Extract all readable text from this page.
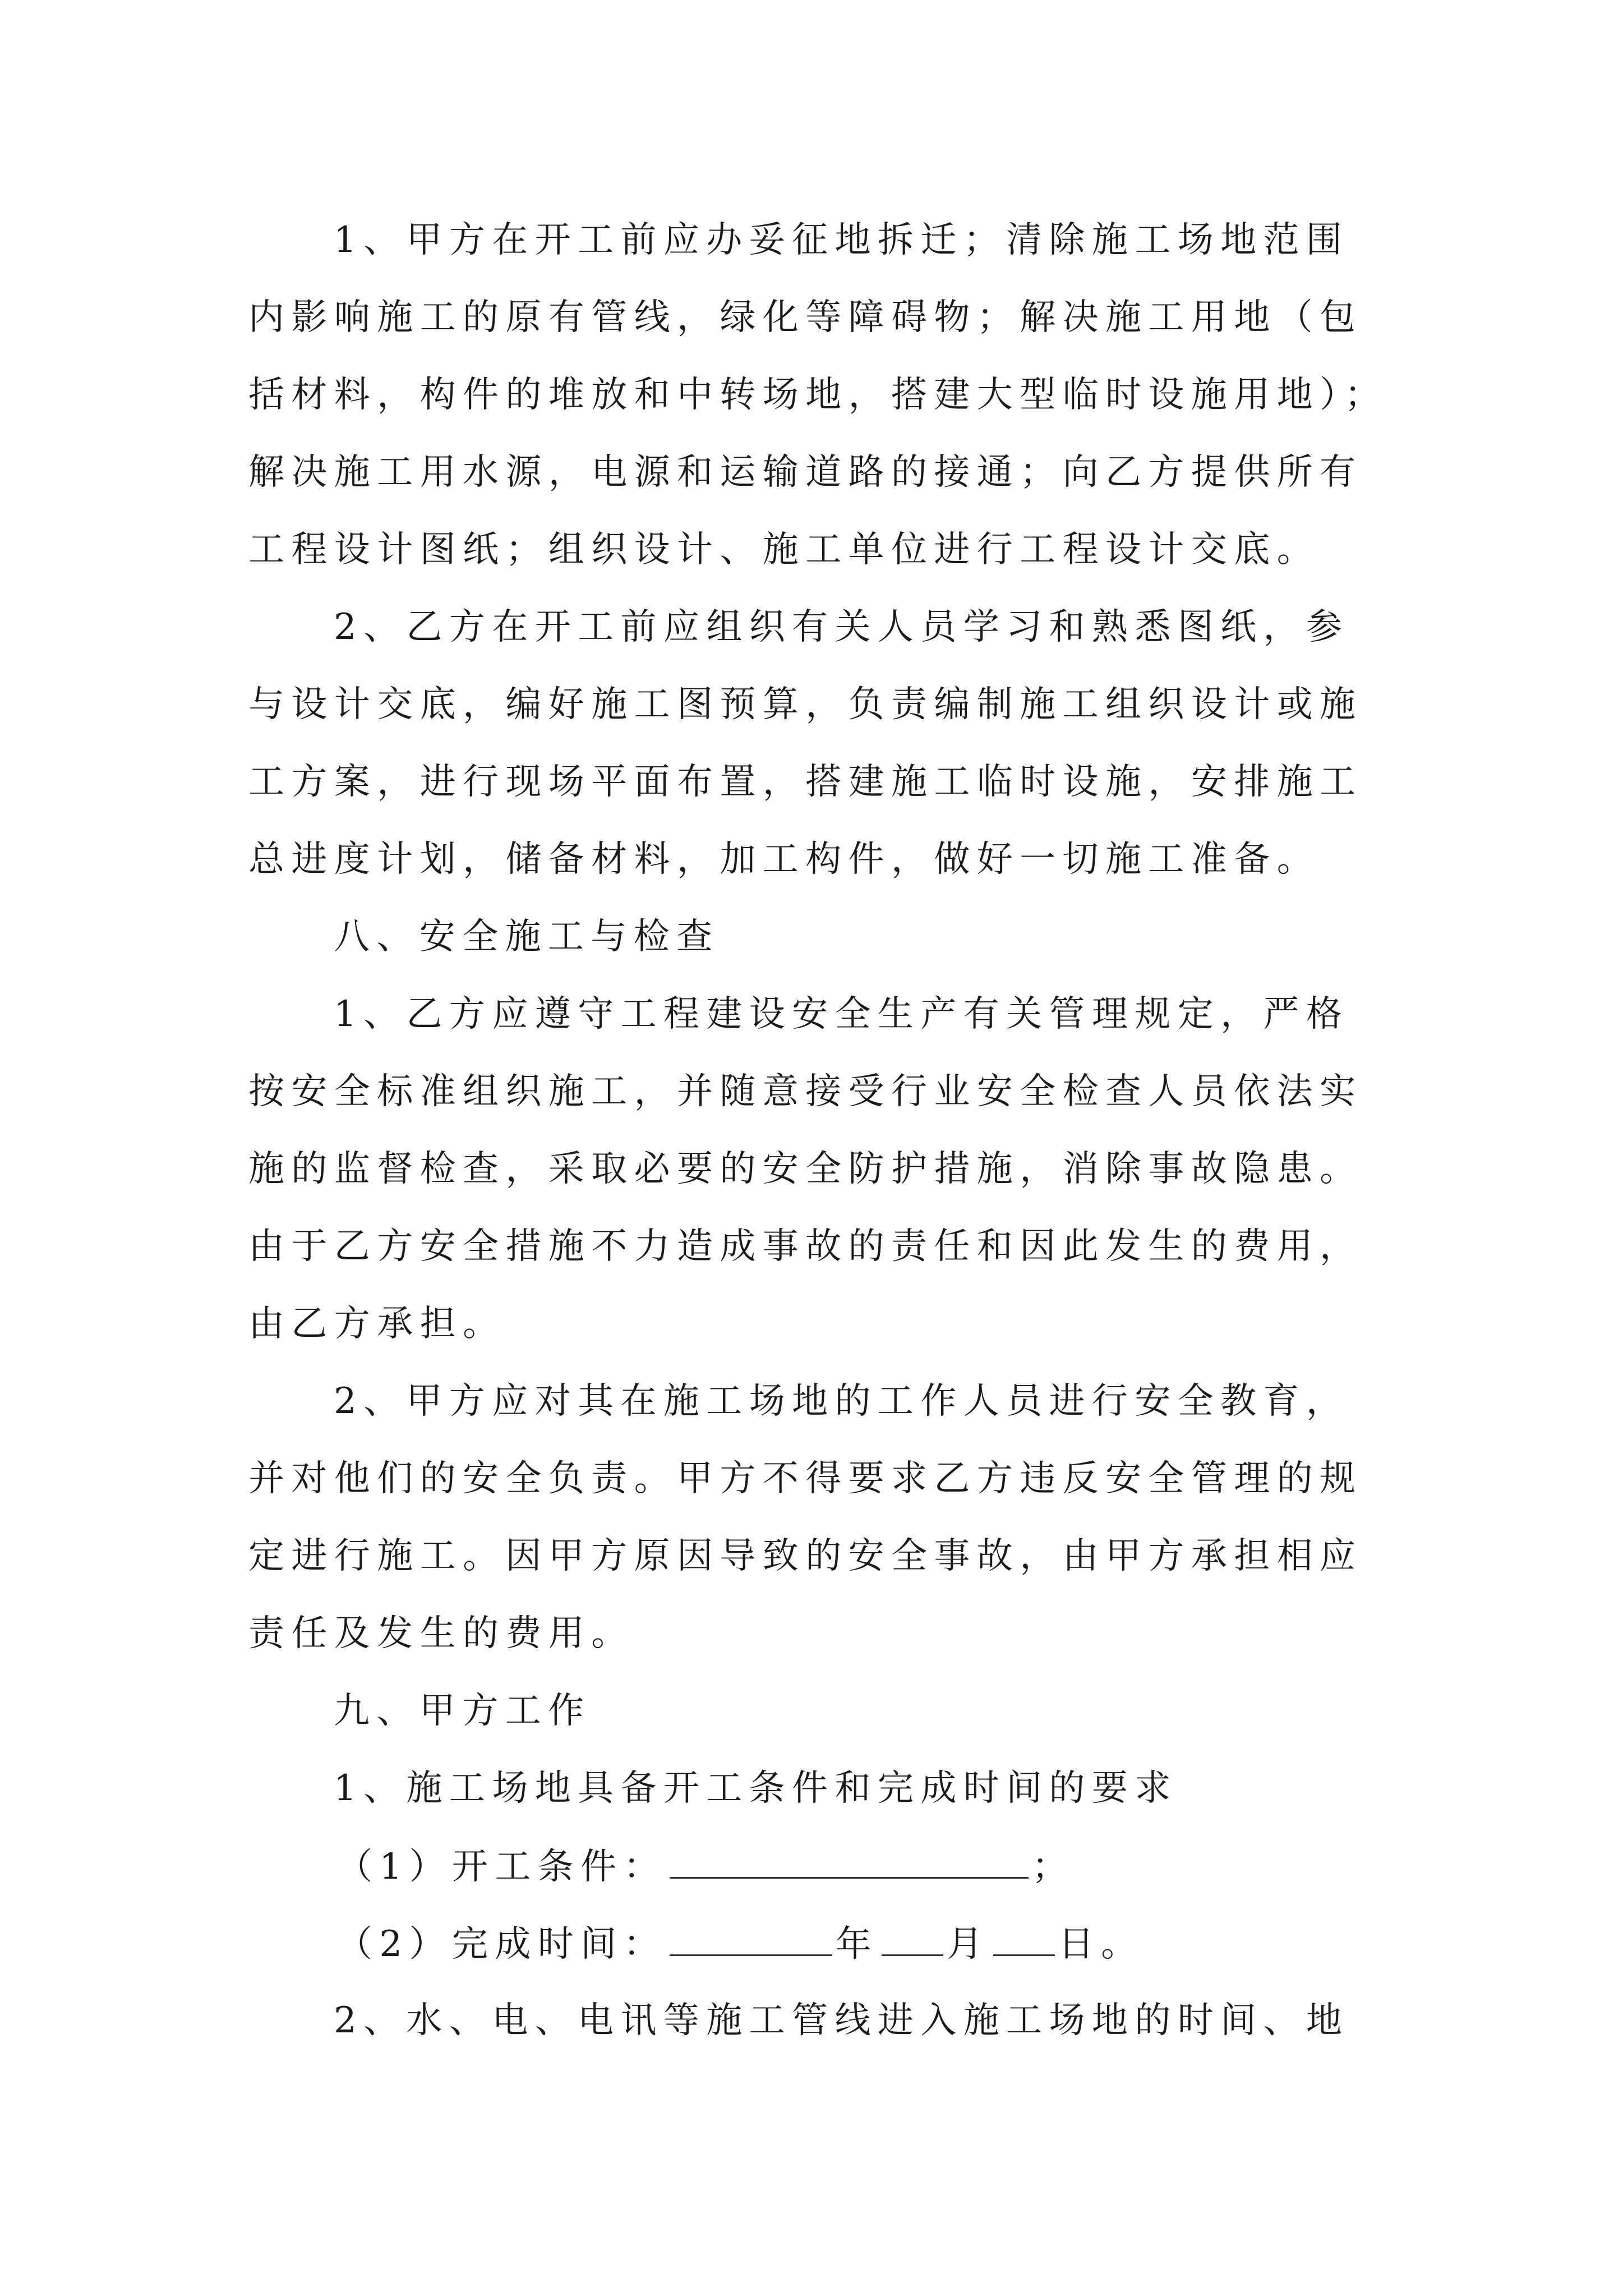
1、甲方在开工前应办妥征地拆迁；清除施工场地范围
内影响施工的原有管线，绿化等障碍物；解决施工用地（包
括材料，构件的堆放和中转场地，搭建大型临时设施用地）；
解决施工用水源，电源和运输道路的接通；向乙方提供所有
工程设计图纸；组织设计、施工单位进行工程设计交底。
2、乙方在开工前应组织有关人员学习和熟悉图纸，参
与设计交底，编好施工图预算，负责编制施工组织设计或施
工方案，进行现场平面布置，搭建施工临时设施，安排施工
总进度计划，储备材料，加工构件，做好一切施工准备。
八、安全施工与检查
1、乙方应遵守工程建设安全生产有关管理规定，严格
按安全标准组织施工，并随意接受行业安全检查人员依法实
施的监督检查，采取必要的安全防护措施，消除事故隐患。
由于乙方安全措施不力造成事故的责任和因此发生的费用，
由乙方承担。
2、甲方应对其在施工场地的工作人员进行安全教育，
并对他们的安全负责。甲方不得要求乙方违反安全管理的规
定进行施工。因甲方原因导致的安全事故，由甲方承担相应
责任及发生的费用。
九、甲方工作
1、施工场地具备开工条件和完成时间的要求
（1）开工条件：	；
（2）完成时间：	年 月 日。
2、水、电、电讯等施工管线进入施工场地的时间、地
